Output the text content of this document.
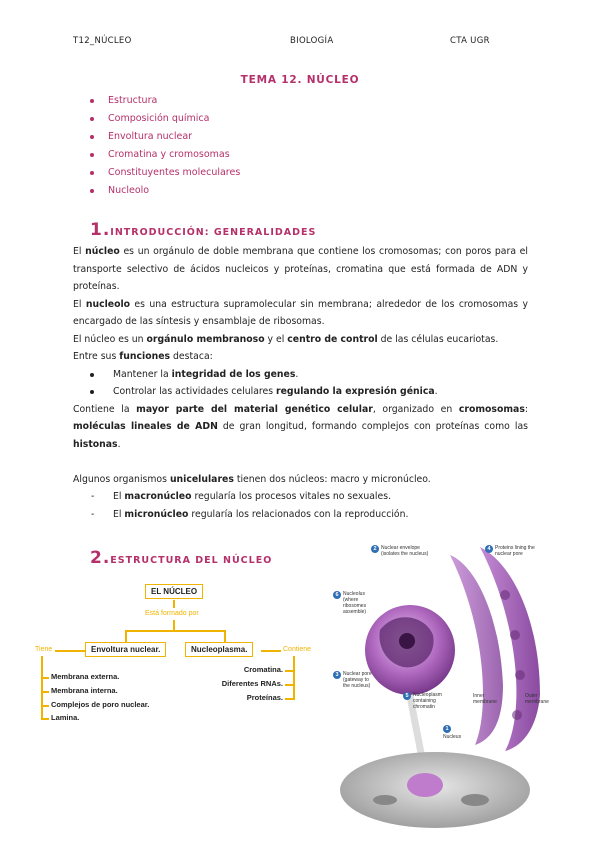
T12_NÚCLEO	BIOLOGÍA	CTA UGR
TEMA 12. NÚCLEO
Estructura
Composición química
Envoltura nuclear
Cromatina y cromosomas
Constituyentes moleculares
Nucleolo
1.INTRODUCCIÓN: GENERALIDADES

El núcleo es un orgánulo de doble membrana que contiene los cromosomas; con poros para el transporte selectivo de ácidos nucleicos y proteínas, cromatina que está formada de ADN y proteínas.

El nucleolo es una estructura supramolecular sin membrana; alrededor de los cromosomas y encargado de las síntesis y ensamblaje de ribosomas.

El núcleo es un orgánulo membranoso y el centro de control de las células eucariotas.

Entre sus funciones destaca:

Mantener la integridad de los genes.

Controlar las actividades celulares regulando la expresión génica.

Contiene la mayor parte del material genético celular, organizado en cromosomas: moléculas lineales de ADN de gran longitud, formando complejos con proteínas como las histonas.

Algunos organismos unicelulares tienen dos núcleos: macro y micronúcleo.

- El macronúcleo regularía los procesos vitales no sexuales.

- El micronúcleo regularía los relacionados con la reproducción.

2.ESTRUCTURA DEL NÚCLEO
EL NÚCLEO
Está formado por
Envoltura nuclear.	Nucleoplasma.
Tiene	Contiene
Membrana externa.
Membrana interna.
Complejos de poro nuclear.
Lamina.
Cromatina.
Diferentes RNAs.
Proteínas.
2 Nuclear envelope (isolates the nucleus)
4 Proteins lining the nuclear pore
6 Nucleolus (where ribosomes assemble)
3 Nuclear pore (gateway to the nucleus)
5 Nucleoplasm containing chromatin
Inner membrane
Outer membrane
1
Nucleus
